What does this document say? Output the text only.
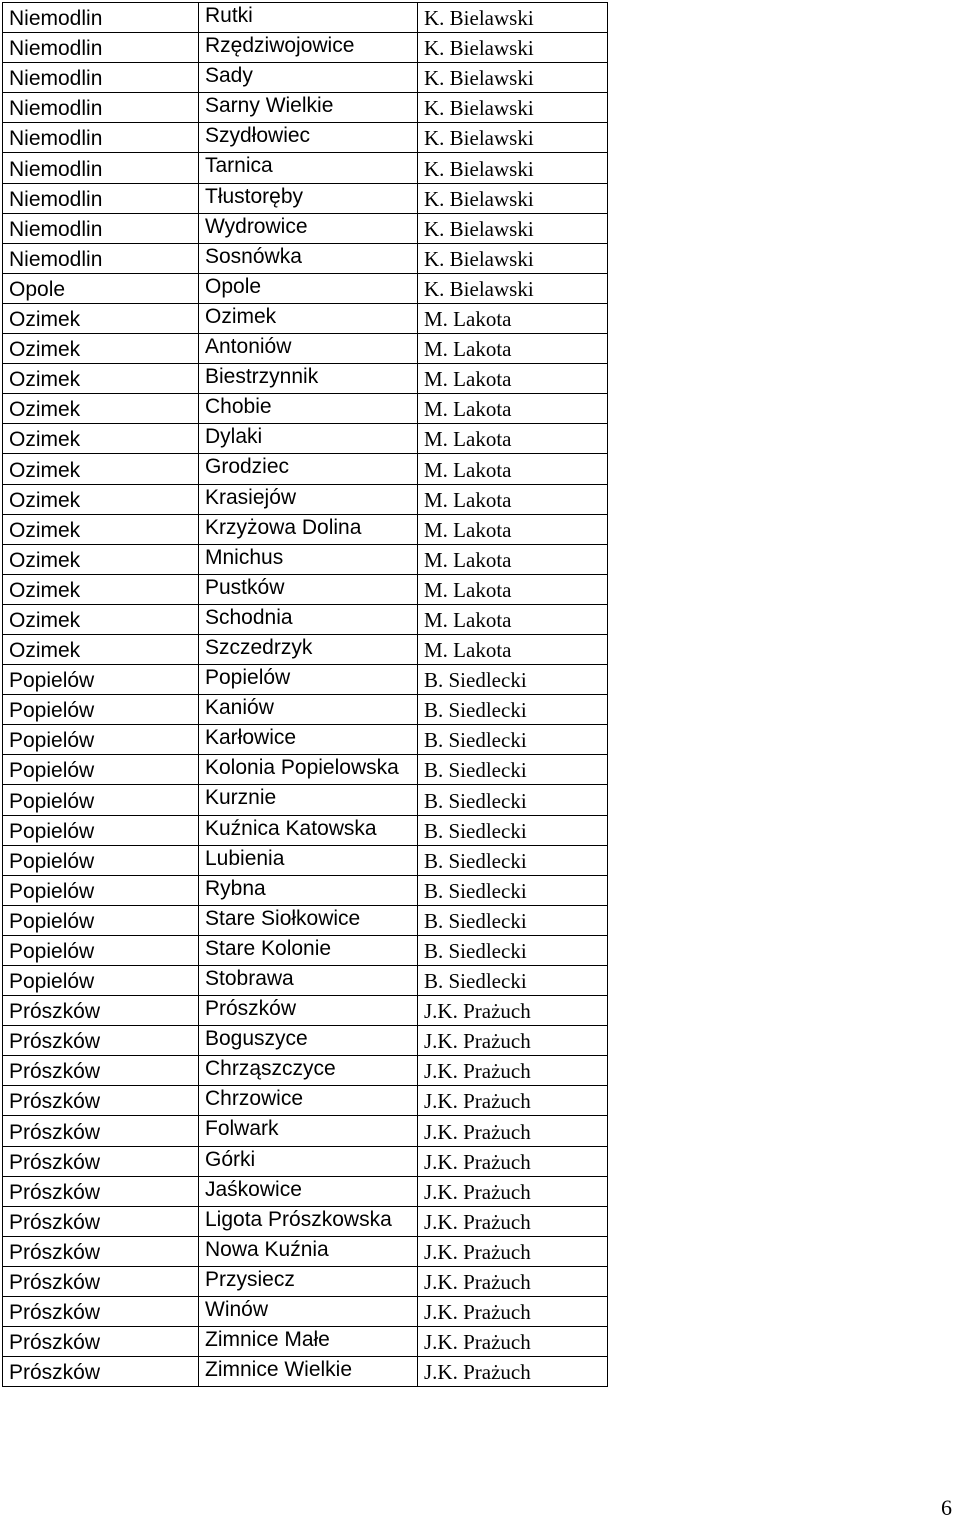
Niemodlin	Rutki	K. Bielawski
Niemodlin	Rzędziwojowice	K. Bielawski
Niemodlin	Sady	K. Bielawski
Niemodlin	Sarny Wielkie	K. Bielawski
Niemodlin	Szydłowiec	K. Bielawski
Niemodlin	Tarnica	K. Bielawski
Niemodlin	Tłustoręby	K. Bielawski
Niemodlin	Wydrowice	K. Bielawski
Niemodlin	Sosnówka	K. Bielawski
Opole	Opole	K. Bielawski
Ozimek	Ozimek	M. Lakota
Ozimek	Antoniów	M. Lakota
Ozimek	Biestrzynnik	M. Lakota
Ozimek	Chobie	M. Lakota
Ozimek	Dylaki	M. Lakota
Ozimek	Grodziec	M. Lakota
Ozimek	Krasiejów	M. Lakota
Ozimek	Krzyżowa Dolina	M. Lakota
Ozimek	Mnichus	M. Lakota
Ozimek	Pustków	M. Lakota
Ozimek	Schodnia	M. Lakota
Ozimek	Szczedrzyk	M. Lakota
Popielów	Popielów	B. Siedlecki
Popielów	Kaniów	B. Siedlecki
Popielów	Karłowice	B. Siedlecki
Popielów	Kolonia Popielowska	B. Siedlecki
Popielów	Kurznie	B. Siedlecki
Popielów	Kuźnica Katowska	B. Siedlecki
Popielów	Lubienia	B. Siedlecki
Popielów	Rybna	B. Siedlecki
Popielów	Stare Siołkowice	B. Siedlecki
Popielów	Stare Kolonie	B. Siedlecki
Popielów	Stobrawa	B. Siedlecki
Prószków	Prószków	J.K. Prażuch
Prószków	Boguszyce	J.K. Prażuch
Prószków	Chrząszczyce	J.K. Prażuch
Prószków	Chrzowice	J.K. Prażuch
Prószków	Folwark	J.K. Prażuch
Prószków	Górki	J.K. Prażuch
Prószków	Jaśkowice	J.K. Prażuch
Prószków	Ligota Prószkowska	J.K. Prażuch
Prószków	Nowa Kuźnia	J.K. Prażuch
Prószków	Przysiecz	J.K. Prażuch
Prószków	Winów	J.K. Prażuch
Prószków	Zimnice Małe	J.K. Prażuch
Prószków	Zimnice Wielkie	J.K. Prażuch
6
